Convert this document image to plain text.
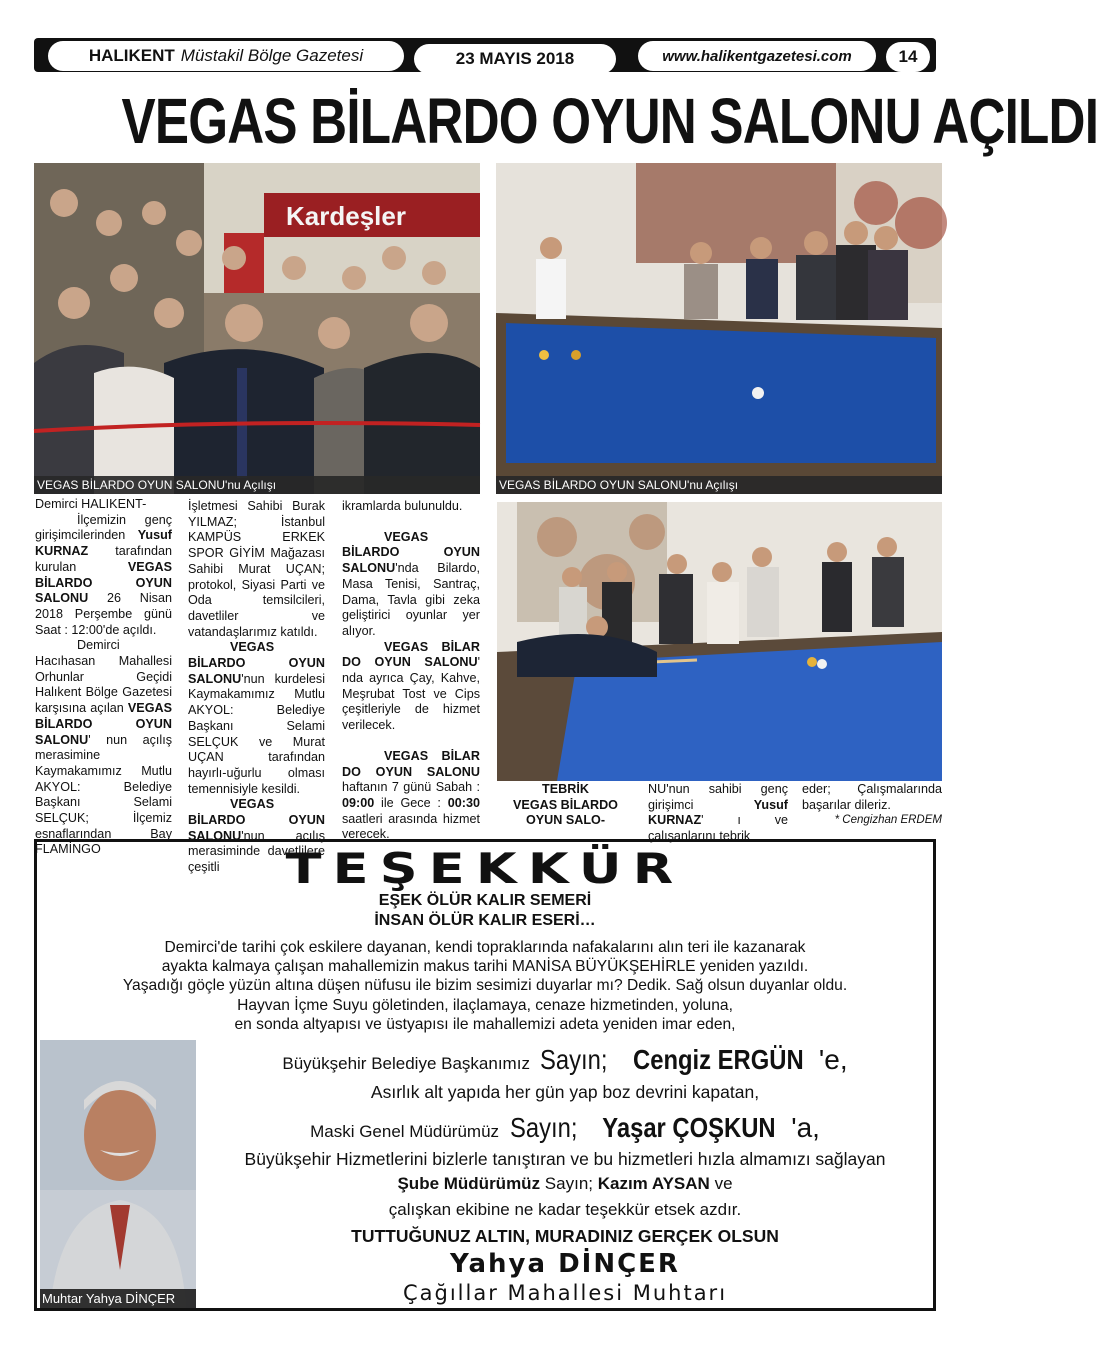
HALIKENT Müstakil Bölge Gazetesi	23 MAYIS 2018	www.halikentgazetesi.com	14
VEGAS BİLARDO OYUN SALONU AÇILDI
Kardeşler
VEGAS BİLARDO OYUN SALONU'nu Açılışı	VEGAS BİLARDO OYUN SALONU'nu Açılışı

Demirci HALIKENT-

İlçemizin genç girişimcilerinden Yusuf KURNAZ tarafından kurulan VEGAS BİLARDO OYUN SALONU 26 Nisan 2018 Perşembe günü Saat : 12:00'de açıldı.

Demirci Hacıhasan Mahallesi Orhunlar Geçidi Halıkent Bölge Gazetesi karşısına açılan VEGAS BİLARDO OYUN SALONU' nun açılış merasimine Kaymakamımız Mutlu AKYOL: Belediye Başkanı Selami SELÇUK; İlçemiz esnaflarından Bay FLAMİNGO

İşletmesi Sahibi Burak YILMAZ; İstanbul KAMPÜS ERKEK SPOR GİYİM Mağazası Sahibi Murat UÇAN; protokol, Siyasi Parti ve Oda temsilcileri, davetliler ve vatandaşlarımız katıldı.

VEGAS BİLARDO OYUN SALONU'nun kurdelesi Kaymakamımız Mutlu AKYOL: Belediye Başkanı Selami SELÇUK ve Murat UÇAN tarafından hayırlı-uğurlu olması temennisiyle kesildi.

VEGAS BİLARDO OYUN SALONU'nun acılış merasiminde davetlilere çeşitli

ikramlarda bulunuldu.

VEGAS BİLARDO OYUN SALONU'nda Bilardo, Masa Tenisi, Santraç, Dama, Tavla gibi zeka geliştirici oyunlar yer alıyor.

VEGAS BİLAR DO OYUN SALONU' nda ayrıca Çay, Kahve, Meşrubat Tost ve Cips çeşitleriyle de hizmet verilecek.

VEGAS BİLAR DO OYUN SALONU haftanın 7 günü Sabah : 09:00 ile Gece : 00:30 saatleri arasında hizmet verecek.

TEBRİK

VEGAS BİLARDO OYUN SALO-

NU'nun sahibi genç girişimci Yusuf KURNAZ' ı ve çalışanlarını tebrik

eder; Çalışmalarında başarılar dileriz.

* Cengizhan ERDEM

TEŞEKKÜR
EŞEK ÖLÜR KALIR SEMERİ
İNSAN ÖLÜR KALIR ESERİ…
Demirci'de tarihi çok eskilere dayanan, kendi topraklarında nafakalarını alın teri ile kazanarak
ayakta kalmaya çalışan mahallemizin makus tarihi MANİSA BÜYÜKŞEHİRLE yeniden yazıldı.
Yaşadığı göçle yüzün altına düşen nüfusu ile bizim sesimizi duyarlar mı? Dedik. Sağ olsun duyanlar oldu.
Hayvan İçme Suyu göletinden, ilaçlamaya, cenaze hizmetinden, yoluna,
en sonda altyapısı ve üstyapısı ile mahallemizi adeta yeniden imar eden,
Muhtar Yahya DİNÇER
Büyükşehir Belediye Başkanımız Sayın; Cengiz ERGÜN 'e,
Asırlık alt yapıda her gün yap boz devrini kapatan,
Maski Genel Müdürümüz Sayın; Yaşar ÇOŞKUN 'a,
Büyükşehir Hizmetlerini bizlerle tanıştıran ve bu hizmetleri hızla almamızı sağlayan
Şube Müdürümüz Sayın; Kazım AYSAN ve
çalışkan ekibine ne kadar teşekkür etsek azdır.
TUTTUĞUNUZ ALTIN, MURADINIZ GERÇEK OLSUN
Yahya DİNÇER
Çağıllar Mahallesi Muhtarı
